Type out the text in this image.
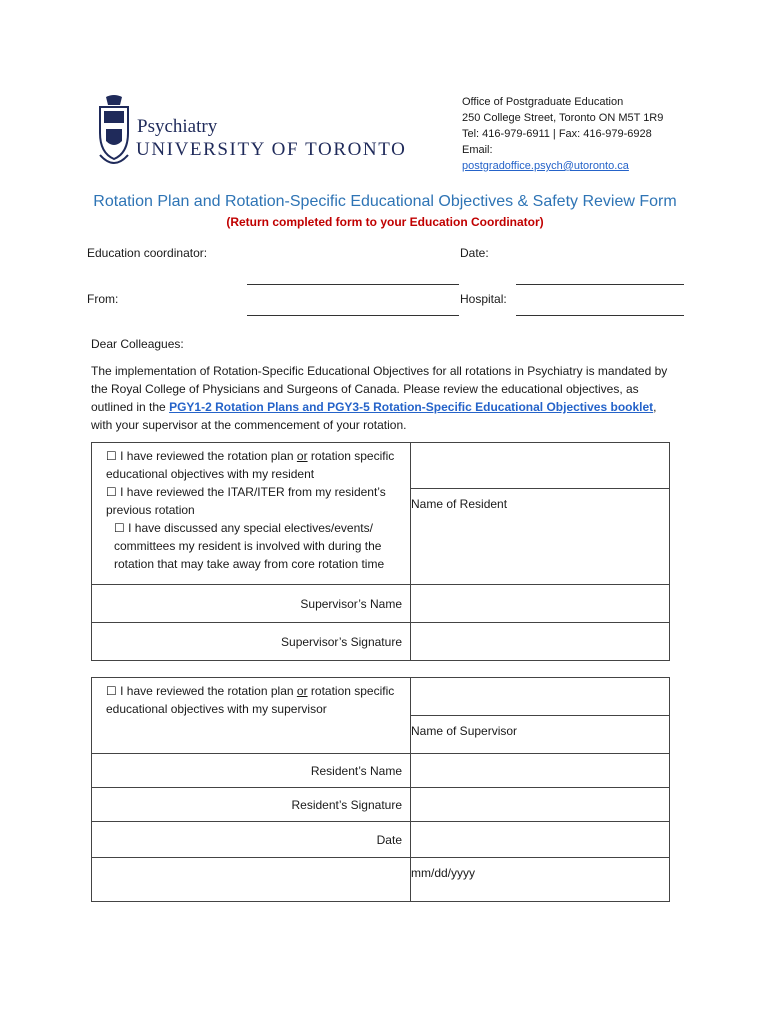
Psychiatry
UNIVERSITY OF TORONTO
Office of Postgraduate Education
250 College Street, Toronto ON M5T 1R9
Tel: 416-979-6911 | Fax: 416-979-6928
Email:
postgradoffice.psych@utoronto.ca
Rotation Plan and Rotation-Specific Educational Objectives & Safety Review Form
(Return completed form to your Education Coordinator)
Education coordinator:	Date:
From:	Hospital:
Dear Colleagues:
The implementation of Rotation-Specific Educational Objectives for all rotations in Psychiatry is mandated by the Royal College of Physicians and Surgeons of Canada. Please review the educational objectives, as outlined in the PGY1-2 Rotation Plans and PGY3-5 Rotation-Specific Educational Objectives booklet, with your supervisor at the commencement of your rotation.
☐ I have reviewed the rotation plan or rotation specific educational objectives with my resident
☐ I have reviewed the ITAR/ITER from my resident’s previous rotation
☐ I have discussed any special electives/events/ committees my resident is involved with during the rotation that may take away from core rotation time	

	Name of Resident
Supervisor’s Name	
Supervisor’s Signature	
☐ I have reviewed the rotation plan or rotation specific educational objectives with my supervisor	

	Name of Supervisor
Resident’s Name	
Resident’s Signature	
Date	
	mm/dd/yyyy
